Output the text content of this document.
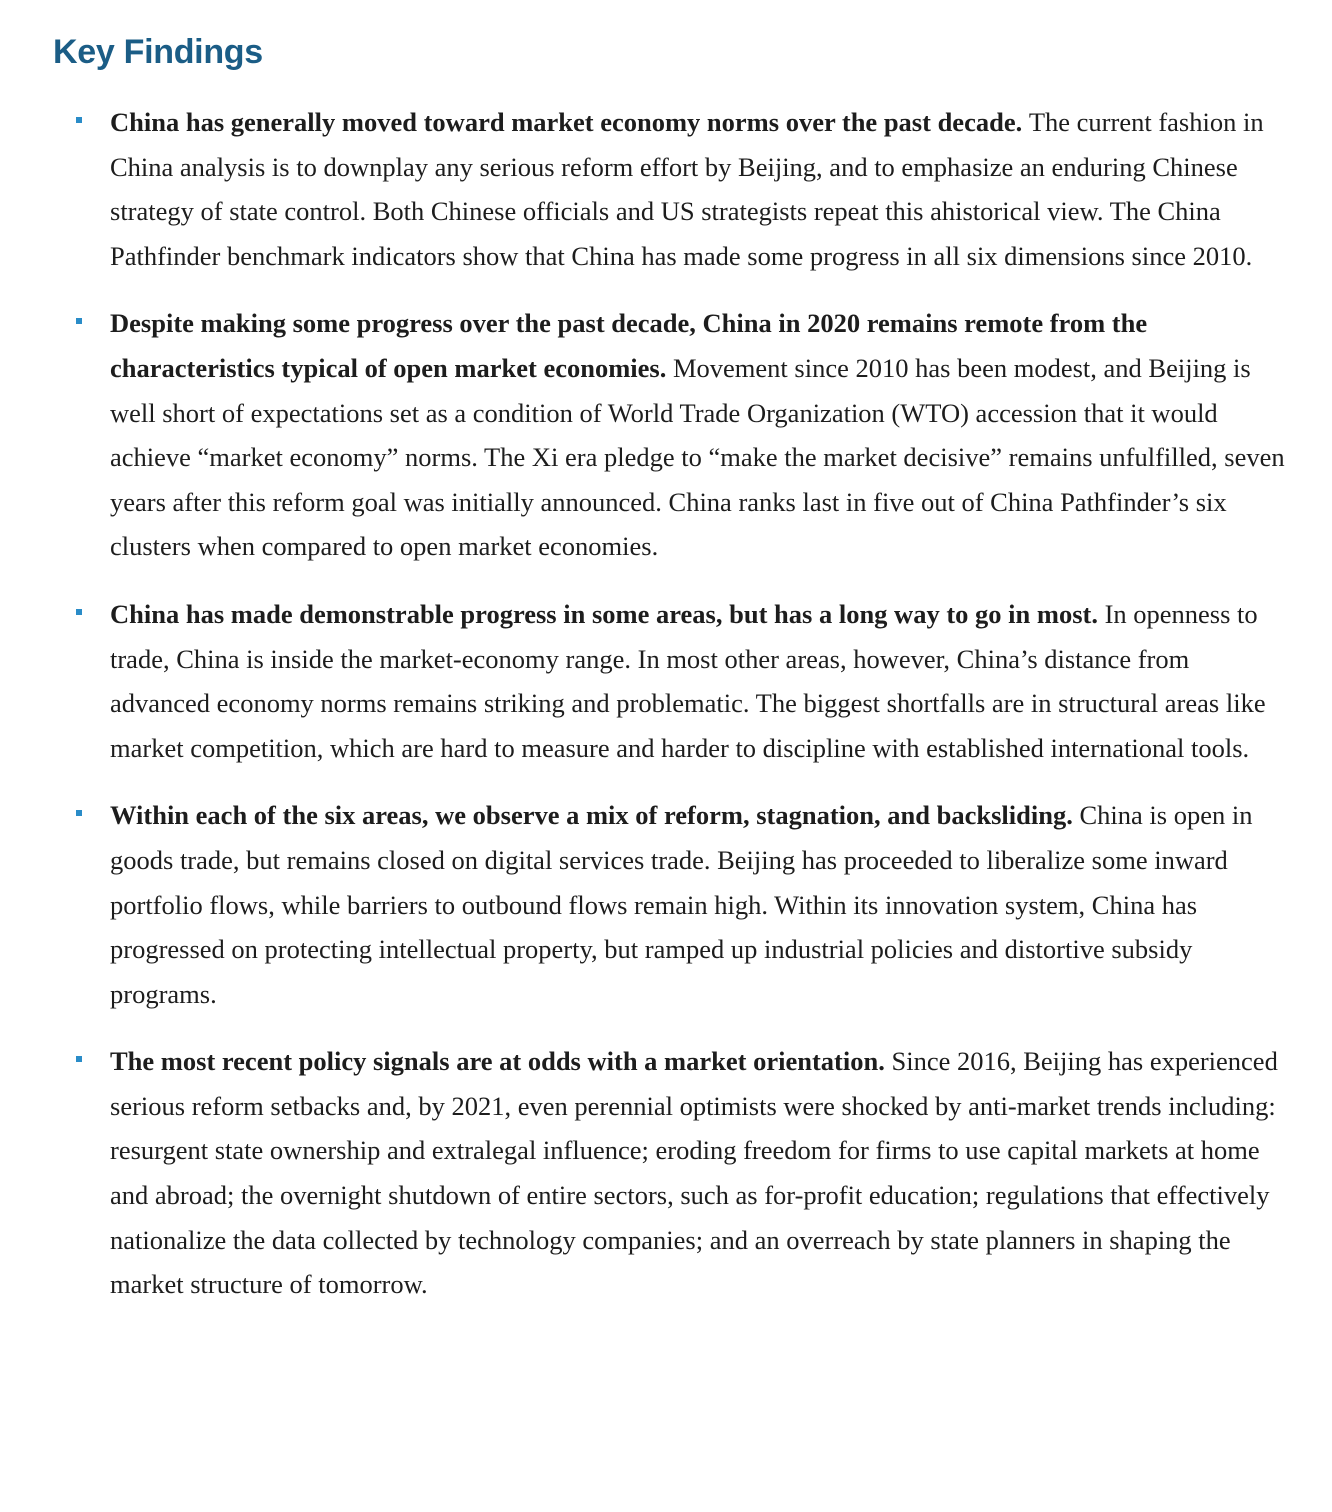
Key Findings
China has generally moved toward market economy norms over the past decade. The current fashion in China analysis is to downplay any serious reform effort by Beijing, and to emphasize an enduring Chinese strategy of state control. Both Chinese officials and US strategists repeat this ahistorical view. The China Pathfinder benchmark indicators show that China has made some progress in all six dimensions since 2010.
Despite making some progress over the past decade, China in 2020 remains remote from the characteristics typical of open market economies. Movement since 2010 has been modest, and Beijing is well short of expectations set as a condition of World Trade Organization (WTO) accession that it would achieve “market economy” norms. The Xi era pledge to “make the market decisive” remains unfulfilled, seven years after this reform goal was initially announced. China ranks last in five out of China Pathfinder’s six clusters when compared to open market economies.
China has made demonstrable progress in some areas, but has a long way to go in most. In openness to trade, China is inside the market-economy range. In most other areas, however, China’s distance from advanced economy norms remains striking and problematic. The biggest shortfalls are in structural areas like market competition, which are hard to measure and harder to discipline with established international tools.
Within each of the six areas, we observe a mix of reform, stagnation, and backsliding. China is open in goods trade, but remains closed on digital services trade. Beijing has proceeded to liberalize some inward portfolio flows, while barriers to outbound flows remain high. Within its innovation system, China has progressed on protecting intellectual property, but ramped up industrial policies and distortive subsidy programs.
The most recent policy signals are at odds with a market orientation. Since 2016, Beijing has experienced serious reform setbacks and, by 2021, even perennial optimists were shocked by anti-market trends including: resurgent state ownership and extralegal influence; eroding freedom for firms to use capital markets at home and abroad; the overnight shutdown of entire sectors, such as for-profit education; regulations that effectively nationalize the data collected by technology companies; and an overreach by state planners in shaping the market structure of tomorrow.
